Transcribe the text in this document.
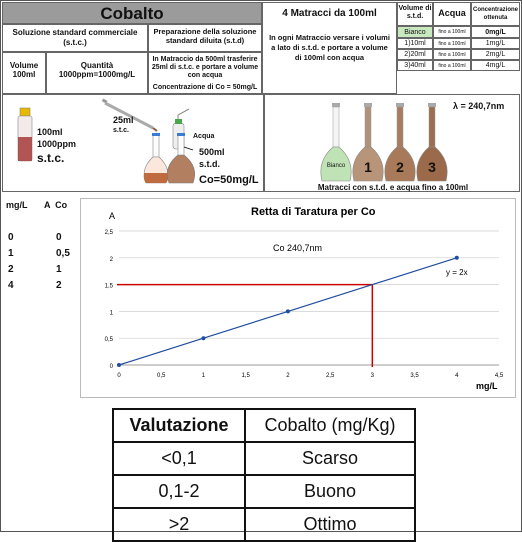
Cobalto
Soluzione standard commerciale (s.t.c.)
Preparazione della soluzione standard diluita (s.t.d)
Volume
100ml
Quantità
1000ppm=1000mg/L
In Matraccio da 500ml trasferire 25ml di s.t.c. e portare a volume con acqua
Concentrazione di Co = 50mg/L
4 Matracci da 100ml
In ogni Matraccio versare i volumi a lato di s.t.d. e portare a volume di 100ml con acqua
Volume di s.t.d.	Acqua	Concentrazione ottenuta
Bianco	fino a 100ml	0mg/L
1)10ml	fino a 100ml	1mg/L
2)20ml	fino a 100ml	2mg/L
3)40ml	fino a 100ml	4mg/L
100ml
1000ppm
s.t.c.
25ml
s.t.c.
Acqua
500ml
s.t.d.
Co=50mg/L
Bianco	1	2	3
λ = 240,7nm
Matracci con s.t.d. e acqua fino a 100ml
mg/L A  Co
0	0
1	0,5
2	1
4	2
Retta di Taratura per Co
Co 240,7nm
y = 2x
A
mg/L
0
0,5
1
1,5
2
2,5
0	0,5	1	1,5	2	2,5	3	3,5	4	4,5
Valutazione	Cobalto (mg/Kg)
<0,1	Scarso
0,1-2	Buono
>2	Ottimo
